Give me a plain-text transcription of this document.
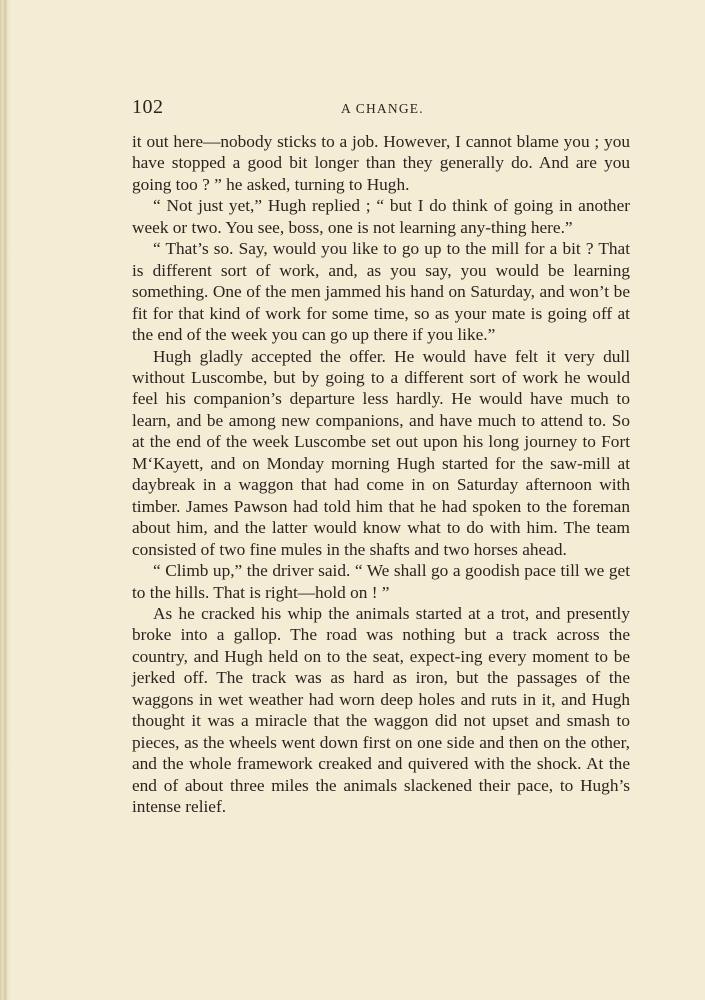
102	A CHANGE.

it out here—nobody sticks to a job. However, I cannot blame you ; you have stopped a good bit longer than they generally do. And are you going too ? ” he asked, turning to Hugh.

“ Not just yet,” Hugh replied ; “ but I do think of going in another week or two. You see, boss, one is not learning any-thing here.”

“ That’s so. Say, would you like to go up to the mill for a bit ? That is different sort of work, and, as you say, you would be learning something. One of the men jammed his hand on Saturday, and won’t be fit for that kind of work for some time, so as your mate is going off at the end of the week you can go up there if you like.”

Hugh gladly accepted the offer. He would have felt it very dull without Luscombe, but by going to a different sort of work he would feel his companion’s departure less hardly. He would have much to learn, and be among new companions, and have much to attend to. So at the end of the week Luscombe set out upon his long journey to Fort M‘Kayett, and on Monday morning Hugh started for the saw-mill at daybreak in a waggon that had come in on Saturday afternoon with timber. James Pawson had told him that he had spoken to the foreman about him, and the latter would know what to do with him. The team consisted of two fine mules in the shafts and two horses ahead.

“ Climb up,” the driver said. “ We shall go a goodish pace till we get to the hills. That is right—hold on ! ”

As he cracked his whip the animals started at a trot, and presently broke into a gallop. The road was nothing but a track across the country, and Hugh held on to the seat, expect-ing every moment to be jerked off. The track was as hard as iron, but the passages of the waggons in wet weather had worn deep holes and ruts in it, and Hugh thought it was a miracle that the waggon did not upset and smash to pieces, as the wheels went down first on one side and then on the other, and the whole framework creaked and quivered with the shock. At the end of about three miles the animals slackened their pace, to Hugh’s intense relief.
